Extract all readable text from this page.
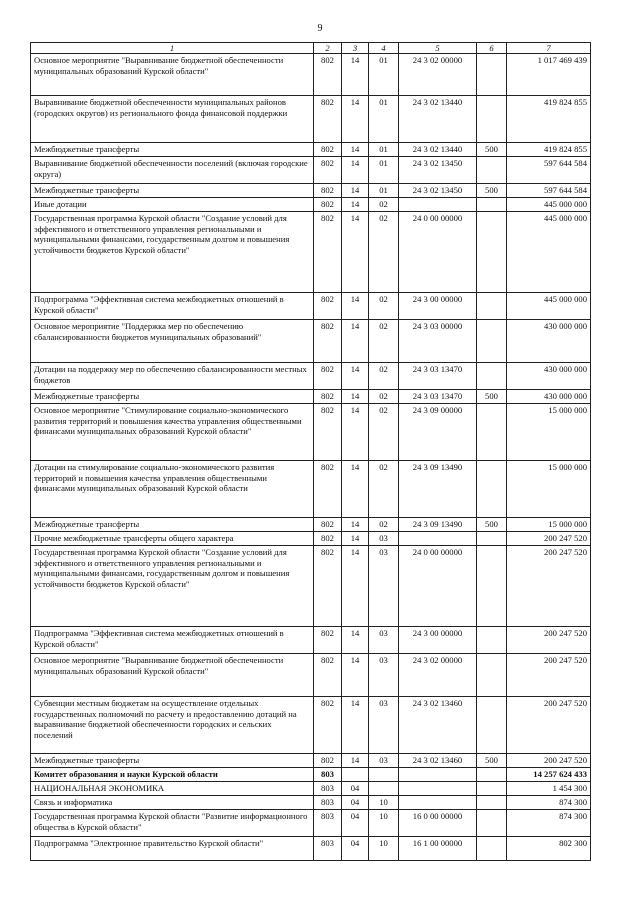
9
1	2	3	4	5	6	7
Основное мероприятие "Выравнивание бюджетной обеспеченности муниципальных образований Курской области"	802	14	01	24 3 02 00000		1 017 469 439
Выравнивание бюджетной обеспеченности муниципальных районов (городских округов) из регионального фонда финансовой поддержки	802	14	01	24 3 02 13440		419 824 855
Межбюджетные трансферты	802	14	01	24 3 02 13440	500	419 824 855
Выравнивание бюджетной обеспеченности поселений (включая городские округа)	802	14	01	24 3 02 13450		597 644 584
Межбюджетные трансферты	802	14	01	24 3 02 13450	500	597 644 584
Иные дотации	802	14	02			445 000 000
Государственная программа Курской области "Создание условий для эффективного и ответственного управления региональными и муниципальными финансами, государственным долгом и повышения устойчивости бюджетов Курской области"	802	14	02	24 0 00 00000		445 000 000
Подпрограмма "Эффективная система межбюджетных отношений в Курской области"	802	14	02	24 3 00 00000		445 000 000
Основное мероприятие "Поддержка мер по обеспечению сбалансированности бюджетов муниципальных образований"	802	14	02	24 3 03 00000		430 000 000
Дотации на поддержку мер по обеспечению сбалансированности местных бюджетов	802	14	02	24 3 03 13470		430 000 000
Межбюджетные трансферты	802	14	02	24 3 03 13470	500	430 000 000
Основное мероприятие "Стимулирование социально-экономического развития территорий и повышения качества управления общественными финансами муниципальных образований Курской области"	802	14	02	24 3 09 00000		15 000 000
Дотации на стимулирование социально-экономического развития территорий и повышения качества управления общественными финансами муниципальных образований Курской области	802	14	02	24 3 09 13490		15 000 000
Межбюджетные трансферты	802	14	02	24 3 09 13490	500	15 000 000
Прочие межбюджетные трансферты общего характера	802	14	03			200 247 520
Государственная программа Курской области "Создание условий для эффективного и ответственного управления региональными и муниципальными финансами, государственным долгом и повышения устойчивости бюджетов Курской области"	802	14	03	24 0 00 00000		200 247 520
Подпрограмма "Эффективная система межбюджетных отношений в Курской области"	802	14	03	24 3 00 00000		200 247 520
Основное мероприятие "Выравнивание бюджетной обеспеченности муниципальных образований Курской области"	802	14	03	24 3 02 00000		200 247 520
Субвенции местным бюджетам на осуществление отдельных государственных полномочий по расчету и предоставлению дотаций на выравнивание бюджетной обеспеченности городских и сельских поселений	802	14	03	24 3 02 13460		200 247 520
Межбюджетные трансферты	802	14	03	24 3 02 13460	500	200 247 520
Комитет образования и науки Курской области	803					14 257 624 433
НАЦИОНАЛЬНАЯ ЭКОНОМИКА	803	04				1 454 300
Связь и информатика	803	04	10			874 300
Государственная программа Курской области "Развитие информационного общества в Курской области"	803	04	10	16 0 00 00000		874 300
Подпрограмма "Электронное правительство Курской области"	803	04	10	16 1 00 00000		802 300
